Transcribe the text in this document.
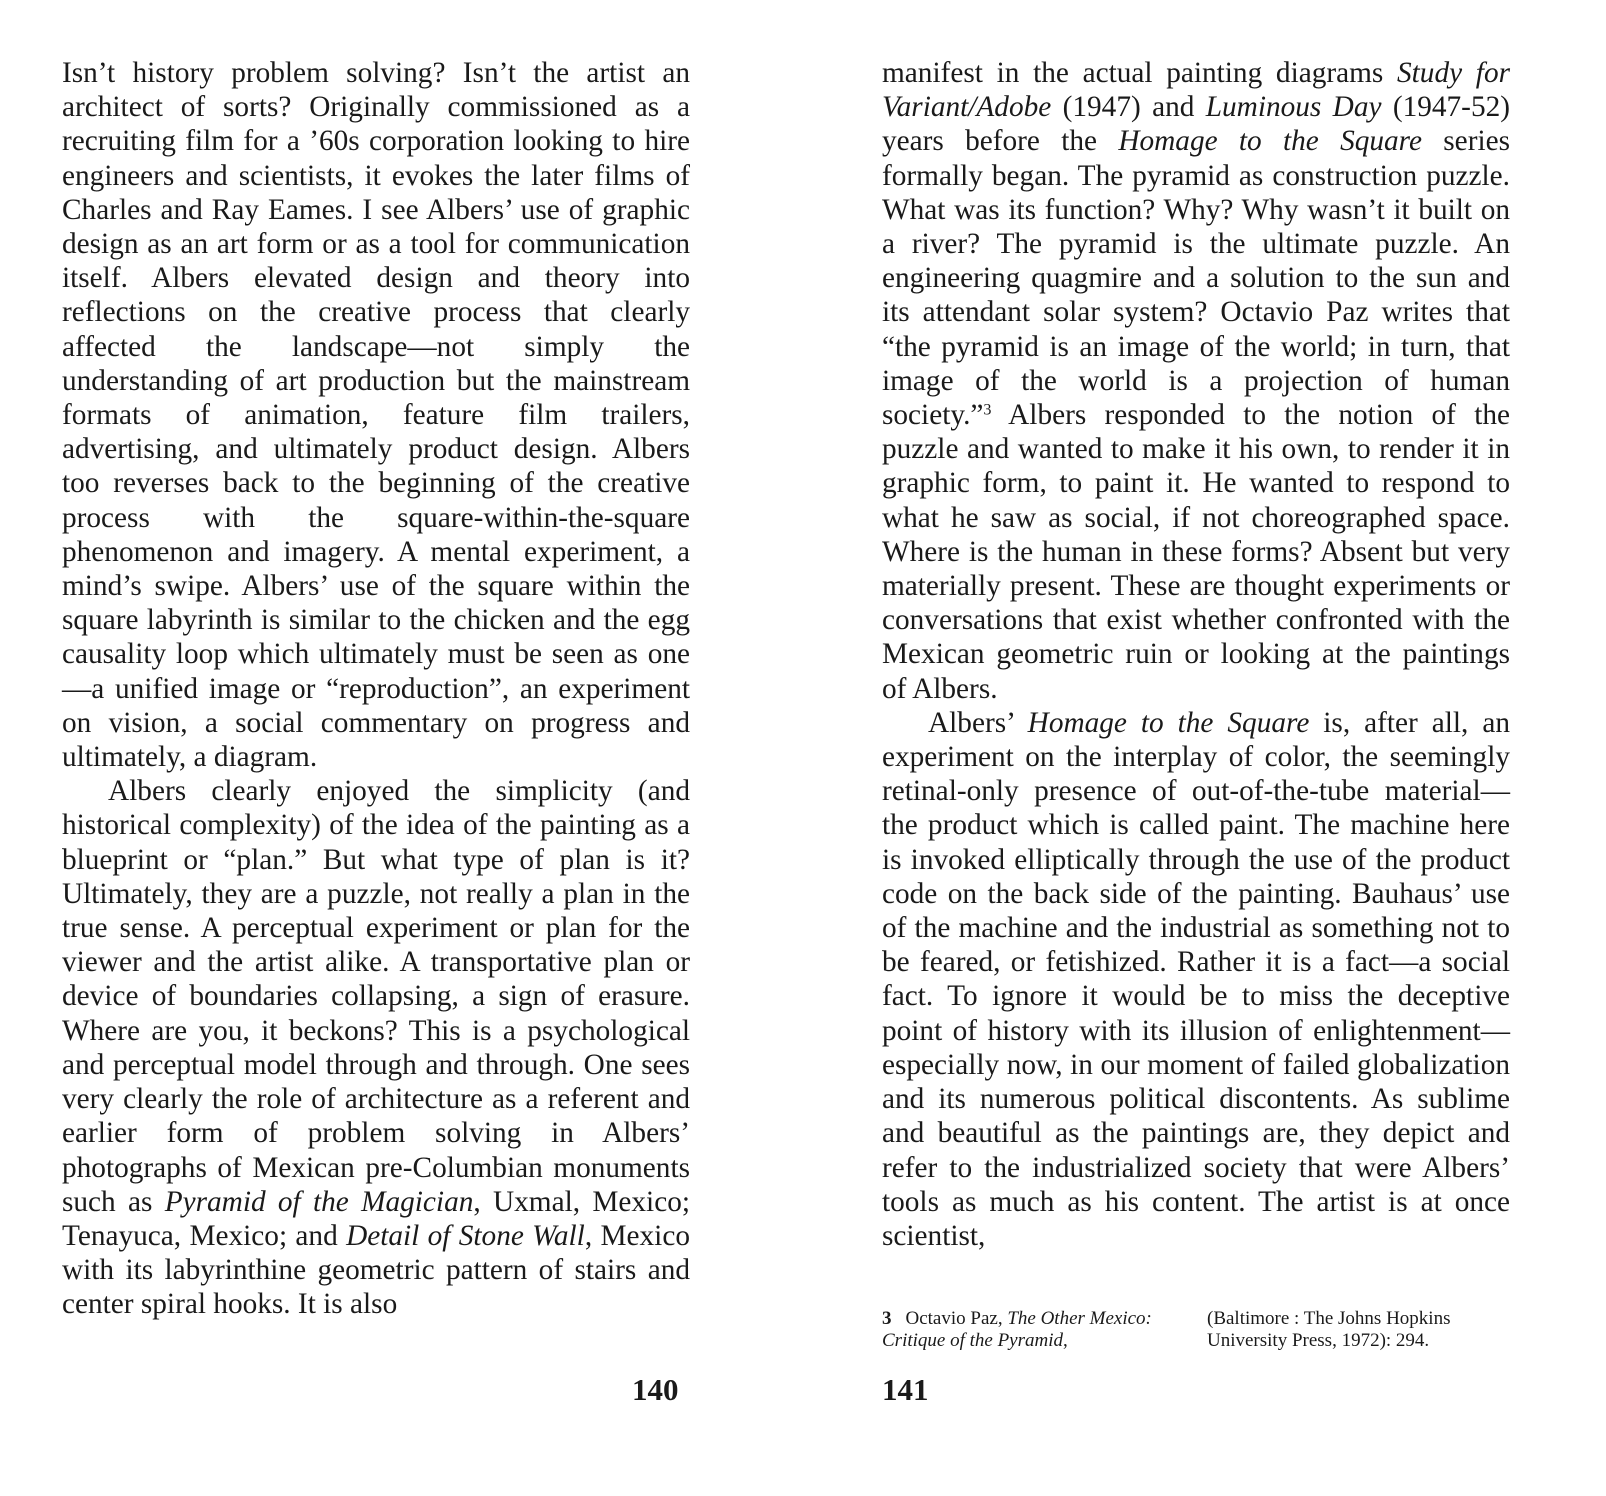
Isn’t history problem solving? Isn’t the artist an architect of sorts? Originally commissioned as a recruiting film for a ’60s corporation looking to hire engineers and scientists, it evokes the later films of Charles and Ray Eames. I see Albers’ use of graphic design as an art form or as a tool for communication itself. Albers elevated design and theory into reflections on the creative process that clearly affected the landscape—not simply the understanding of art production but the mainstream formats of animation, feature film trailers, advertising, and ultimately product design. Albers too reverses back to the beginning of the creative process with the square-within-the-square phenomenon and imagery. A mental experiment, a mind’s swipe. Albers’ use of the square within the square labyrinth is similar to the chicken and the egg causality loop which ultimately must be seen as one—a unified image or “reproduction”, an experiment on vision, a social commentary on progress and ultimately, a diagram.

Albers clearly enjoyed the simplicity (and historical complexity) of the idea of the painting as a blueprint or “plan.” But what type of plan is it? Ultimately, they are a puzzle, not really a plan in the true sense. A perceptual experiment or plan for the viewer and the artist alike. A transportative plan or device of boundaries collapsing, a sign of erasure. Where are you, it beckons? This is a psychological and perceptual model through and through. One sees very clearly the role of architecture as a referent and earlier form of problem solving in Albers’ photographs of Mexican pre-Columbian monuments such as Pyramid of the Magician, Uxmal, Mexico; Tenayuca, Mexico; and Detail of Stone Wall, Mexico with its labyrinthine geometric pattern of stairs and center spiral hooks. It is also

manifest in the actual painting diagrams Study for Variant/Adobe (1947) and Luminous Day (1947-52) years before the Homage to the Square series formally began. The pyramid as construction puzzle. What was its function? Why? Why wasn’t it built on a river? The pyramid is the ultimate puzzle. An engineering quagmire and a solution to the sun and its attendant solar system? Octavio Paz writes that “the pyramid is an image of the world; in turn, that image of the world is a projection of human society.”$^3$ Albers responded to the notion of the puzzle and wanted to make it his own, to render it in graphic form, to paint it. He wanted to respond to what he saw as social, if not choreographed space. Where is the human in these forms? Absent but very materially present. These are thought experiments or conversations that exist whether confronted with the Mexican geometric ruin or looking at the paintings of Albers.

Albers’ Homage to the Square is, after all, an experiment on the interplay of color, the seemingly retinal-only presence of out-of-the-tube material—the product which is called paint. The machine here is invoked elliptically through the use of the product code on the back side of the painting. Bauhaus’ use of the machine and the industrial as something not to be feared, or fetishized. Rather it is a fact—a social fact. To ignore it would be to miss the deceptive point of history with its illusion of enlightenment—especially now, in our moment of failed globalization and its numerous political discontents. As sublime and beautiful as the paintings are, they depict and refer to the industrialized society that were Albers’ tools as much as his content. The artist is at once scientist,

3 Octavio Paz, The Other Mexico: Critique of the Pyramid,
(Baltimore : The Johns Hopkins University Press, 1972): 294.
140	141
